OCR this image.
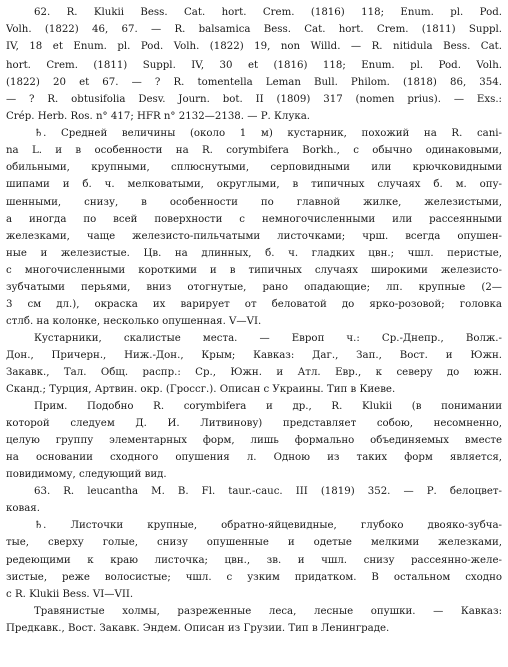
62. R. Klukii Bess. Cat. hort. Crem. (1816) 118; Enum. pl. Pod.
Volh. (1822) 46, 67. — R. balsamica Bess. Cat. hort. Crem. (1811) Suppl.
IV, 18 et Enum. pl. Pod. Volh. (1822) 19, non Willd. — R. nitidula Bess. Cat.
hort. Crem. (1811) Suppl. IV, 30 et (1816) 118; Enum. pl. Pod. Volh.
(1822) 20 et 67. — ? R. tomentella Leman Bull. Philom. (1818) 86, 354.
— ? R. obtusifolia Desv. Journ. bot. II (1809) 317 (nomen prius). — Exs.:
Crép. Herb. Ros. n° 417; HFR n° 2132—2138. — Р. Клука.
♄. Средней величины (около 1 м) кустарник, похожий на R. cani-
na L. и в особенности на R. corymbifera Borkh., с обычно одинаковыми,
обильными, крупными, сплюснутыми, серповидными или крючковидными
шипами и б. ч. мелковатыми, округлыми, в типичных случаях б. м. опу-
шенными, снизу, в особенности по главной жилке, железистыми,
а иногда по всей поверхности с немногочисленными или рассеянными
железками, чаще железисто-пильчатыми листочками; чрш. всегда опушен-
ные и железистые. Цв. на длинных, б. ч. гладких цвн.; чшл. перистые,
с многочисленными короткими и в типичных случаях широкими железисто-
зубчатыми перьями, вниз отогнутые, рано опадающие; лп. крупные (2—
3 см дл.), окраска их варирует от беловатой до ярко-розовой; головка
стлб. на колонке, несколько опушенная. V—VI.
Кустарники, скалистые места. — Европ ч.: Ср.-Днепр., Волж.-
Дон., Причерн., Ниж.-Дон., Крым; Кавказ: Даг., Зап., Вост. и Южн.
Закавк., Тал. Общ. распр.: Ср., Южн. и Атл. Евр., к северу до южн.
Сканд.; Турция, Артвин. окр. (Гроссг.). Описан с Украины. Тип в Киеве.
Прим. Подобно R. corymbifera и др., R. Klukii (в понимании
которой следуем Д. И. Литвинову) представляет собою, несомненно,
целую группу элементарных форм, лишь формально объединяемых вместе
на основании сходного опушения л. Одною из таких форм является,
повидимому, следующий вид.
63. R. leucantha M. B. Fl. taur.-cauc. III (1819) 352. — Р. белоцвет-
ковая.
♄. Листочки крупные, обратно-яйцевидные, глубоко двояко-зубча-
тые, сверху голые, снизу опушенные и одетые мелкими железками,
редеющими к краю листочка; цвн., зв. и чшл. снизу рассеянно-желе-
зистые, реже волосистые; чшл. с узким придатком. В остальном сходно
с R. Klukii Bess. VI—VII.
Травянистые холмы, разреженные леса, лесные опушки. — Кавказ:
Предкавк., Вост. Закавк. Эндем. Описан из Грузии. Тип в Ленинграде.
